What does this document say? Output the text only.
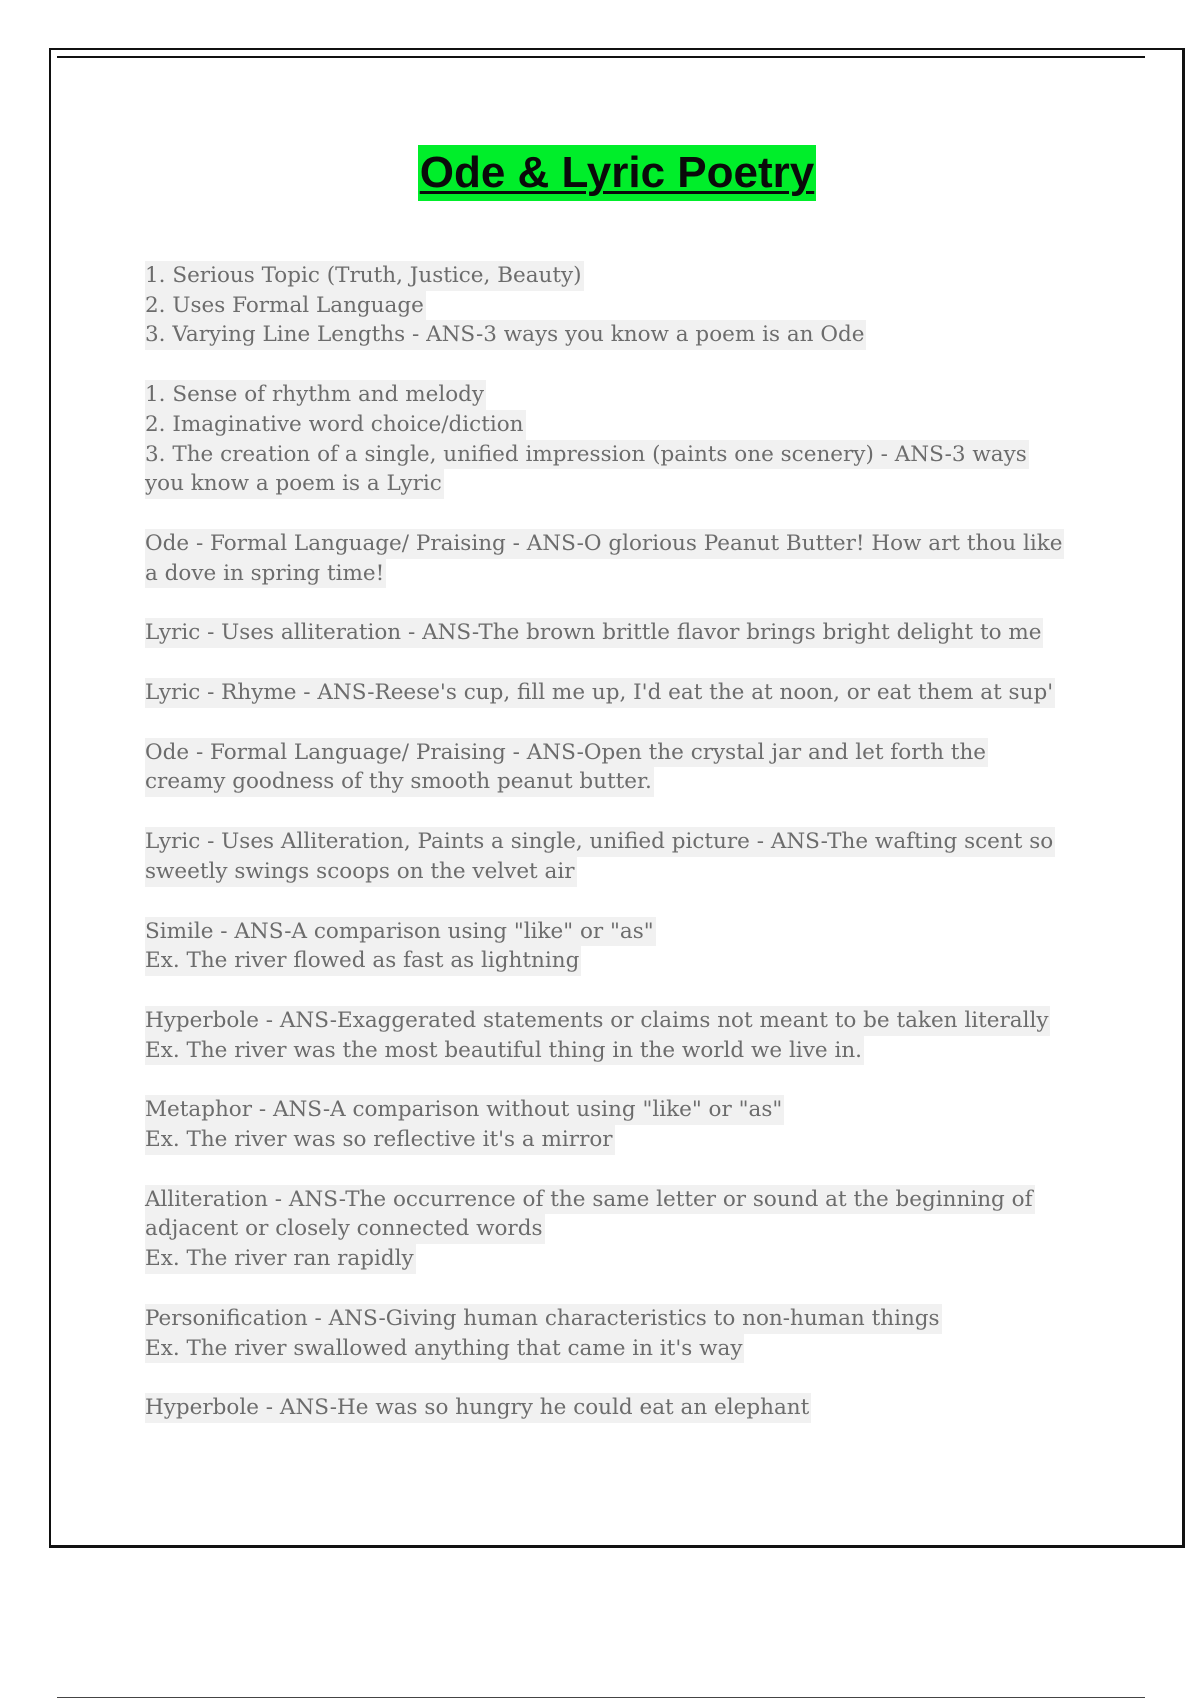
Ode & Lyric Poetry
1. Serious Topic (Truth, Justice, Beauty)
2. Uses Formal Language
3. Varying Line Lengths - ANS-3 ways you know a poem is an Ode
1. Sense of rhythm and melody
2. Imaginative word choice/diction
3. The creation of a single, unified impression (paints one scenery) - ANS-3 ways
you know a poem is a Lyric
Ode - Formal Language/ Praising - ANS-O glorious Peanut Butter! How art thou like
a dove in spring time!
Lyric - Uses alliteration - ANS-The brown brittle flavor brings bright delight to me
Lyric - Rhyme - ANS-Reese's cup, fill me up, I'd eat the at noon, or eat them at sup'
Ode - Formal Language/ Praising - ANS-Open the crystal jar and let forth the
creamy goodness of thy smooth peanut butter.
Lyric - Uses Alliteration, Paints a single, unified picture - ANS-The wafting scent so
sweetly swings scoops on the velvet air
Simile - ANS-A comparison using "like" or "as"
Ex. The river flowed as fast as lightning
Hyperbole - ANS-Exaggerated statements or claims not meant to be taken literally
Ex. The river was the most beautiful thing in the world we live in.
Metaphor - ANS-A comparison without using "like" or "as"
Ex. The river was so reflective it's a mirror
Alliteration - ANS-The occurrence of the same letter or sound at the beginning of
adjacent or closely connected words
Ex. The river ran rapidly
Personification - ANS-Giving human characteristics to non-human things
Ex. The river swallowed anything that came in it's way
Hyperbole - ANS-He was so hungry he could eat an elephant
